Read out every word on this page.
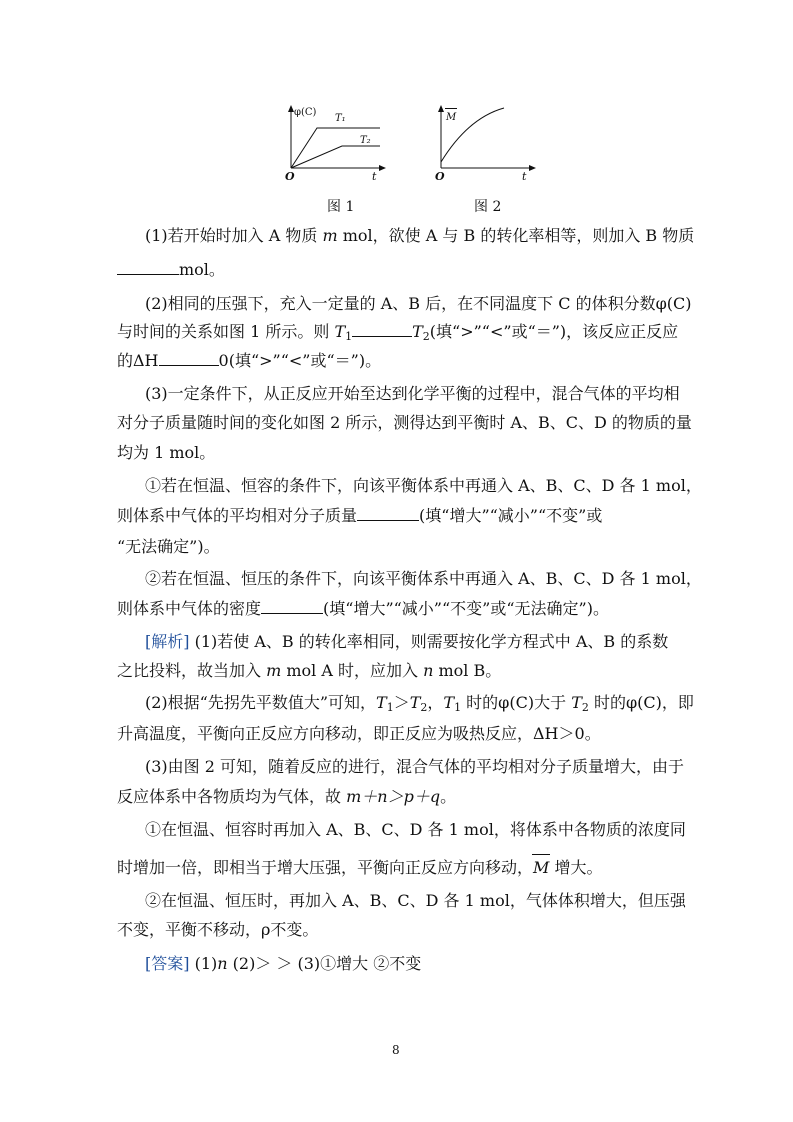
φ(C)
T₁
T₂
O	t
图 1
M
O	t
图 2
(1)若开始时加入 A 物质 m mol，欲使 A 与 B 的转化率相等，则加入 B 物质
mol。
(2)相同的压强下，充入一定量的 A、B 后，在不同温度下 C 的体积分数φ(C)
与时间的关系如图 1 所示。则 $T_1$	$T_2$(填“>”“<”或“＝”)，该反应正反应
的ΔH	0(填“>”“<”或“＝”)。
(3)一定条件下，从正反应开始至达到化学平衡的过程中，混合气体的平均相
对分子质量随时间的变化如图 2 所示，测得达到平衡时 A、B、C、D 的物质的量
均为 1 mol。
①若在恒温、恒容的条件下，向该平衡体系中再通入 A、B、C、D 各 1 mol，
则体系中气体的平均相对分子质量	(填“增大”“减小”“不变”或
“无法确定”)。
②若在恒温、恒压的条件下，向该平衡体系中再通入 A、B、C、D 各 1 mol，
则体系中气体的密度	(填“增大”“减小”“不变”或“无法确定”)。
[解析] (1)若使 A、B 的转化率相同，则需要按化学方程式中 A、B 的系数
之比投料，故当加入 m mol A 时，应加入 n mol B。
(2)根据“先拐先平数值大”可知，$T_1>T_2$，$T_1$ 时的φ(C)大于 $T_2$ 时的φ(C)，即
升高温度，平衡向正反应方向移动，即正反应为吸热反应，ΔH＞0。
(3)由图 2 可知，随着反应的进行，混合气体的平均相对分子质量增大，由于
反应体系中各物质均为气体，故 m＋n＞p＋q。
①在恒温、恒容时再加入 A、B、C、D 各 1 mol，将体系中各物质的浓度同
时增加一倍，即相当于增大压强，平衡向正反应方向移动，M 增大。
②在恒温、恒压时，再加入 A、B、C、D 各 1 mol，气体体积增大，但压强
不变，平衡不移动，ρ不变。
[答案] (1)n (2)＞ ＞ (3)①增大 ②不变
8
